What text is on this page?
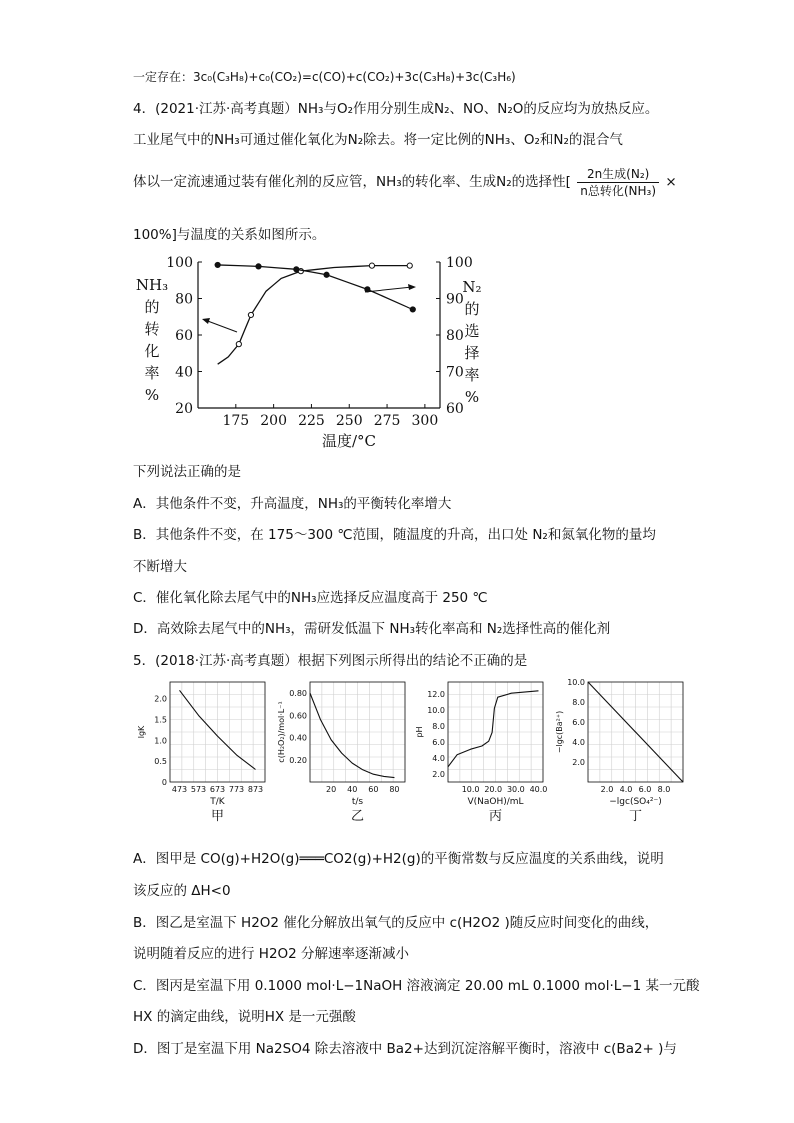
一定存在：3c₀(C₃H₈)+c₀(CO₂)=c(CO)+c(CO₂)+3c(C₃H₈)+3c(C₃H₆)
4．(2021·江苏·高考真题）NH₃与O₂作用分别生成N₂、NO、N₂O的反应均为放热反应。
工业尾气中的NH₃可通过催化氧化为N₂除去。将一定比例的NH₃、O₂和N₂的混合气
体以一定流速通过装有催化剂的反应管，NH₃的转化率、生成N₂的选择性[ $\frac{\text{2n生成(N₂)}}{\text{n总转化(NH₃)}}$ ×
100%]与温度的关系如图所示。
20
40
60
80
100
60
70
80
90
100
175 200 225 250 275 300
温度/°C
NH₃
的
转
化
率
%
N₂
的
选
择
率
%
下列说法正确的是
A．其他条件不变，升高温度，NH₃的平衡转化率增大
B．其他条件不变，在 175～300 ℃范围，随温度的升高，出口处 N₂和氮氧化物的量均
不断增大
C．催化氧化除去尾气中的NH₃应选择反应温度高于 250 ℃
D．高效除去尾气中的NH₃，需研发低温下 NH₃转化率高和 N₂选择性高的催化剂
5．(2018·江苏·高考真题）根据下列图示所得出的结论不正确的是
0
0.5
1.0
1.5
2.0
473 573 673 773 873
T/K
甲
lgK
0.20
0.40
0.60
0.80
20 40 60 80
t/s
乙
c(H₂O₂)/mol·L⁻¹
2.0
4.0
6.0
8.0
10.0
12.0
10.0 20.0 30.0 40.0
V(NaOH)/mL
丙
pH
2.0
4.0
6.0
8.0
10.0
2.0 4.0 6.0 8.0
−lgc(SO₄²⁻)
丁
−lgc(Ba²⁺)
A．图甲是 CO(g)+H2O(g)═══CO2(g)+H2(g)的平衡常数与反应温度的关系曲线，说明
该反应的 ΔH<0
B．图乙是室温下 H2O2 催化分解放出氧气的反应中 c(H2O2 )随反应时间变化的曲线，
说明随着反应的进行 H2O2 分解速率逐渐减小
C．图丙是室温下用 0.1000 mol·L−1NaOH 溶液滴定 20.00 mL 0.1000 mol·L−1 某一元酸
HX 的滴定曲线，说明HX 是一元强酸
D．图丁是室温下用 Na2SO4 除去溶液中 Ba2+达到沉淀溶解平衡时，溶液中 c(Ba2+ )与
